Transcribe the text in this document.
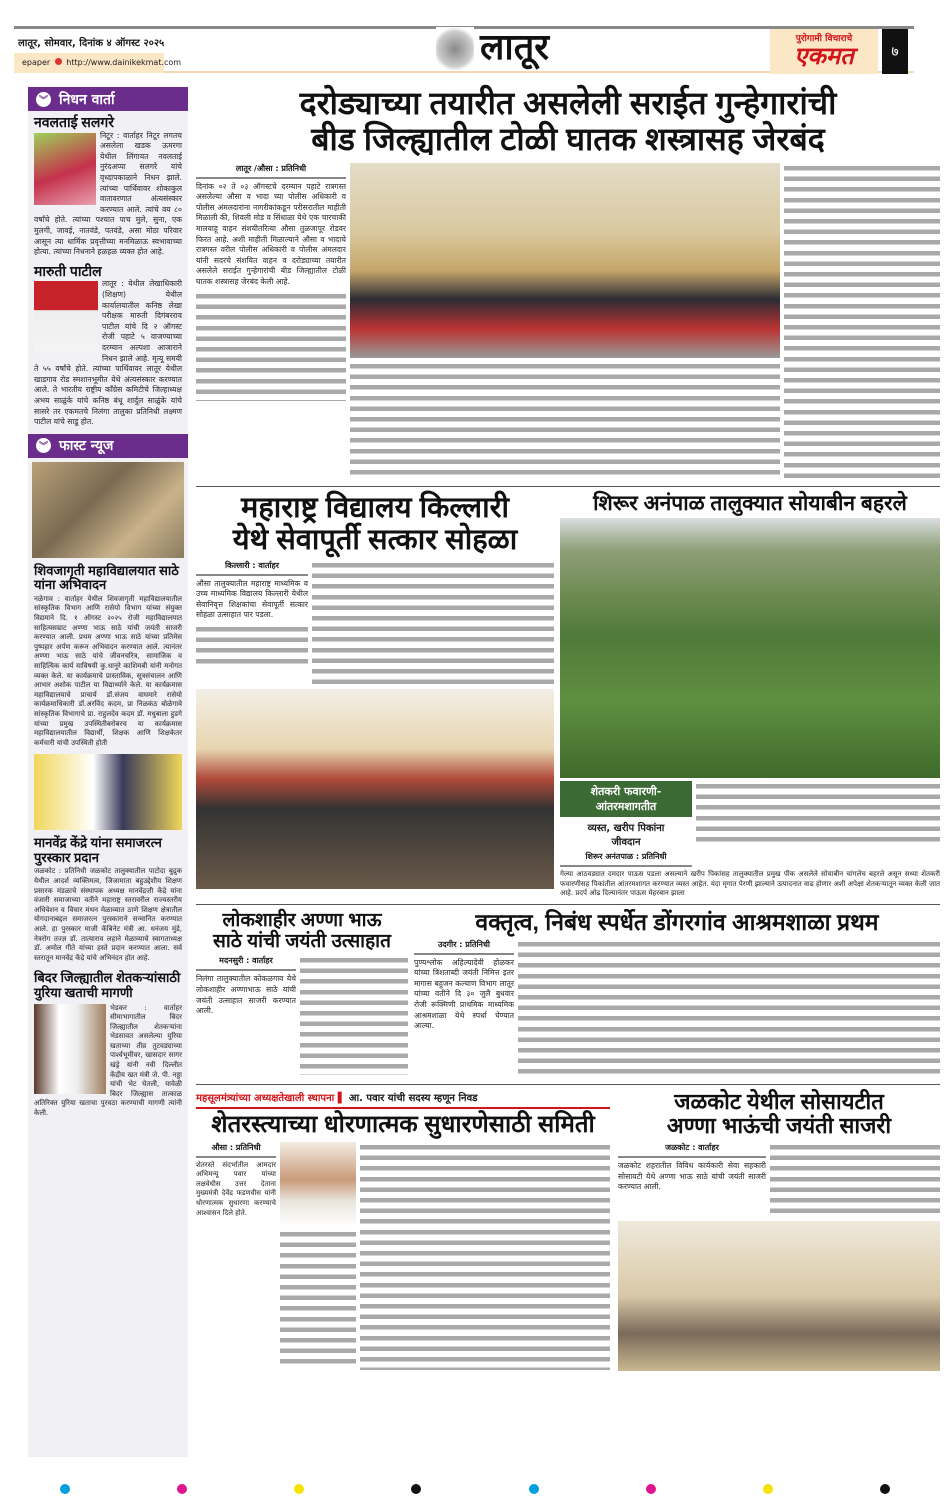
लातूर, सोमवार, दिनांक ४ ऑगस्ट २०२५
epaper http://www.dainikekmat.com	लातूर	पुरोगामी विचाराचे
एकमत	७
︾ निधन वार्ता
नवलताई सलगरे
निटूर : वार्ताहर निटूर लगतच असलेला खडक ऊमरगा येथील लिंगायत नवलताई नुरंदअप्पा सलगरे यांचे वृध्दापकाळाने निधन झाले. त्यांच्या पार्थिवावर शोकाकुल वातावरणात अंत्यसंस्कार करण्यात आले. त्यांचे वय ८० वर्षांचे होते. त्यांच्या पश्चात पाच मुले, सुना, एक मुलगी, जावई, नातवंडे, पतवंडे, असा मोठा परिवार आसून त्या धार्मिक प्रवृत्तीच्या मनमिळाऊ स्वभावाच्या होत्या. त्यांच्या निधनाने हळहळ व्यक्त होत आहे.
मारुती पाटील
लातूर : येथील लेखाधिकारी (शिक्षण) येथील कार्यालयातील कनिष्ठ लेखा परीक्षक मारुती दिगंबरराव पाटील यांचे दि २ ऑगस्ट रोजी पहाटे ५ वाजण्याच्या दरम्यान अल्पशा आजाराने निधन झाले आहे. मृत्यू समयी ते ५५ वर्षांचे होते. त्यांच्या पार्थिवावर लातूर येथील खाडगाव रोड स्मशानभूमीत येथे अंत्यसंस्कार करण्यात आले. ते भारतीय राष्ट्रीय कॉंग्रेस कमिटीचे जिल्हाध्यक्ष अभय साळुंके यांचे कनिष्ठ बंधू शार्दुल साळुंके यांचे सासरे तर एकमतचे निलंगा तालुका प्रतिनिधी लक्ष्मण पाटील यांचे साडू होत.
︾ फास्ट न्यूज
शिवजागृती महाविद्यालयात साठे यांना अभिवादन
नळेगाव : वार्ताहर येथील शिवजागृती महाविद्यालयातील सांस्कृतिक विभाग आणि रासेयो विभाग यांच्या संयुक्त विद्यमाने दि. १ ऑगस्ट २०२५ रोजी महाविद्यालयात साहित्यसम्राट अण्णा भाऊ साठे यांची जयंती साजरी करण्यात आली. प्रथम अण्णा भाऊ साठे यांच्या प्रतिमेस पुष्पहार अर्पण करून अभिवादन करण्यात आले. त्यानंतर अण्णा भाऊ साठे यांचे जीवनचरित्र, सामाजिक व साहित्यिक कार्य याविषयी कु.धानुरे काशिमबी यांनी मनोगत व्यक्त केले. या कार्यक्रमाचे प्रास्ताविक, सूत्रसंचालन आणि आभार अशोक पाटील या विद्यार्थ्याने केले. या कार्यक्रमास महाविद्यालयाचे प्राचार्य डॉ.संजय वाघमारे रासेयो कार्यक्रमाधिकारी डॉ.अरविंद कदम, प्रा निळकंठ बोळेगावे सांस्कृतिक विभागाचे प्रा. राहुलदेव कदम डॉ. मधुबाला हुडगे यांच्या प्रमुख उपस्थितीबरोबरच या कार्यक्रमास महाविद्यालयातील विद्यार्थी, शिक्षक आणि शिक्षकेतर कर्मचारी यांची उपस्थिती होती
मानवेंद्र केंद्रे यांना समाजरत्न पुरस्कार प्रदान
जळकोट : प्रतिनिधी जळकोट तालुक्यातील पाटोदा बुद्रुक येथील आदर्श व्यक्तिमत्व, जिजामाता बहुउद्देशीय शिक्षण प्रसारक मंडळाचे संस्थापक अध्यक्ष मानवेंद्रजी केंद्रे यांना वंजारी समाजाच्या वतीने महाराष्ट्र स्तरावरील राज्यस्तरीय अधिवेशन व विचार मंथन मेळाव्यात ठाणे शिक्षण क्षेत्रातील योगदानाबद्दल समाजरत्न पुरस्काराने सन्मानित करण्यात आले. हा पुरस्कार माजी कॅबिनेट मंत्री आ. धनंजय मुंडे, नेत्ररोग तज्ज्ञ डॉ. तात्याराव लहाने मेळाव्याचे स्वागताध्यक्ष डॉ. अमोल गीते यांच्या हस्ते प्रदान करण्यात आला. सर्व स्तरातून मानवेंद्र केंद्रे यांचे अभिनंदन होत आहे.
बिदर जिल्ह्यातील शेतकऱ्यांसाठी युरिया खताची मागणी
भेडकर : वार्ताहर सीमाभागातील बिदर जिल्ह्यातील शेतकऱ्यांना भेडसावत असलेल्या युरिया खताच्या तीव्र तुटवड्याच्या पार्श्वभूमीवर, खासदार सागर खंड्रे यांनी नवी दिल्लीत केंद्रीय खत मंत्री जे. पी. नड्डा यांची भेट घेतली, यावेळी बिदर जिल्ह्यास तात्काळ अतिरिक्त युरिया खताचा पुरवठा करण्याची मागणी त्यांनी केली.
दरोड्याच्या तयारीत असलेली सराईत गुन्हेगारांची
बीड जिल्ह्यातील टोळी घातक शस्त्रासह जेरबंद
लातूर /औसा : प्रतिनिधी
दिनांक ०२ ते ०३ ऑगस्टचे दरम्यान पहाटे रात्रगस्त असलेल्या औसा व भादा च्या पोलीस अधिकारी व पोलीस अंमलदारांना नागरीकांकडून परीसरातील माहीती मिळाली की, शिवली मोड व सिंधाळा येथे एक चारचाकी मालवाहू वाहन संशयीतरित्या औसा तुळजापूर रोडवर फिरत आहे. अशी माहीती मिळाल्याने औसा व भादाचे रात्रगस्त वरील पोलीस अधिकारी व पोलीस अंमलदार यांनी सदरचे संशयित वाहन व दरोड्याच्या तयारीत असलेले सराईत गुन्हेगारांची बीड जिल्ह्यातील टोळी घातक शस्त्रासह जेरबंद केली आहे.
महाराष्ट्र विद्यालय किल्लारी
येथे सेवापूर्ती सत्कार सोहळा
किल्लारी : वार्ताहर
औसा तालुक्यातील महाराष्ट्र माध्यमिक व उच्च माध्यमिक विद्यालय किल्लारी येथील सेवानिवृत्त शिक्षकांचा सेवापूर्ती सत्कार सोहळा उत्साहात पार पडला.
शिरूर अनंपाळ तालुक्यात सोयाबीन बहरले
शेतकरी फवारणी-
आंतरमशागतीत
व्यस्त, खरीप पिकांना
जीवदान
शिरूर अनंतपाळ : प्रतिनिधी
गेल्या आठवड्यात दमदार पाऊस पडला असल्याने खरीप पिकांसह तालुक्यातील प्रमुख पीक असलेले सोयाबीन चांगलेच बहरले असून सध्या शेतकरी फवारणीसह पिकांतील आंतरमशागत करण्यात व्यस्त आहेत. यंदा मृगात पेरणी झाल्याने उत्पादनात वाढ होणार अशी अपेक्षा शेतकऱ्यातून व्यक्त केली जात आहे. प्रदर्प ओढ दिल्यानंतर पाऊस मेहरबान झाला
लोकशाहीर अण्णा भाऊ
साठे यांची जयंती उत्साहात
मदनसुरी : वार्ताहर
निलंगा तालुक्यातील कोकळगाव येथे लोकशाहीर अण्णाभाऊ साठे यांची जयंती उत्साहात साजरी करण्यात आली.
वक्तृत्व, निबंध स्पर्धेत डोंगरगांव आश्रमशाळा प्रथम
उदगीर : प्रतिनिधी
पुण्यश्लोक अहिल्यादेवी होळकर यांच्या त्रिशताब्दी जयंती निमित्त इतर मागास बहुजन कल्याण विभाग लातूर यांच्या वतीने दि ३० जुलै बुधवार रोजी रूक्मिणी प्राथमिक माध्यमिक आश्रमशाळा येथे स्पर्धा घेण्यात आल्या.
महसूलमंत्र्यांच्या अध्यक्षतेखाली स्थापना ▌ आ. पवार यांची सदस्य म्हणून निवड
शेतरस्त्याच्या धोरणात्मक सुधारणेसाठी समिती
औसा : प्रतिनिधी
शेतरस्ते संदर्भातील आमदार अभिमन्यू पवार यांच्या लक्षवेधीस उत्तर देताना मुख्यमंत्री देवेंद्र फडणवीस यांनी धोरणात्मक सुधारणा करण्याचे आश्वासन दिले होते.
जळकोट येथील सोसायटीत
अण्णा भाऊंची जयंती साजरी
जळकोट : वार्ताहर
जळकोट शहरातील विविध कार्यकारी सेवा सहकारी सोसायटी येथे अण्णा भाऊ साठे यांची जयंती साजरी करण्यात आली.
